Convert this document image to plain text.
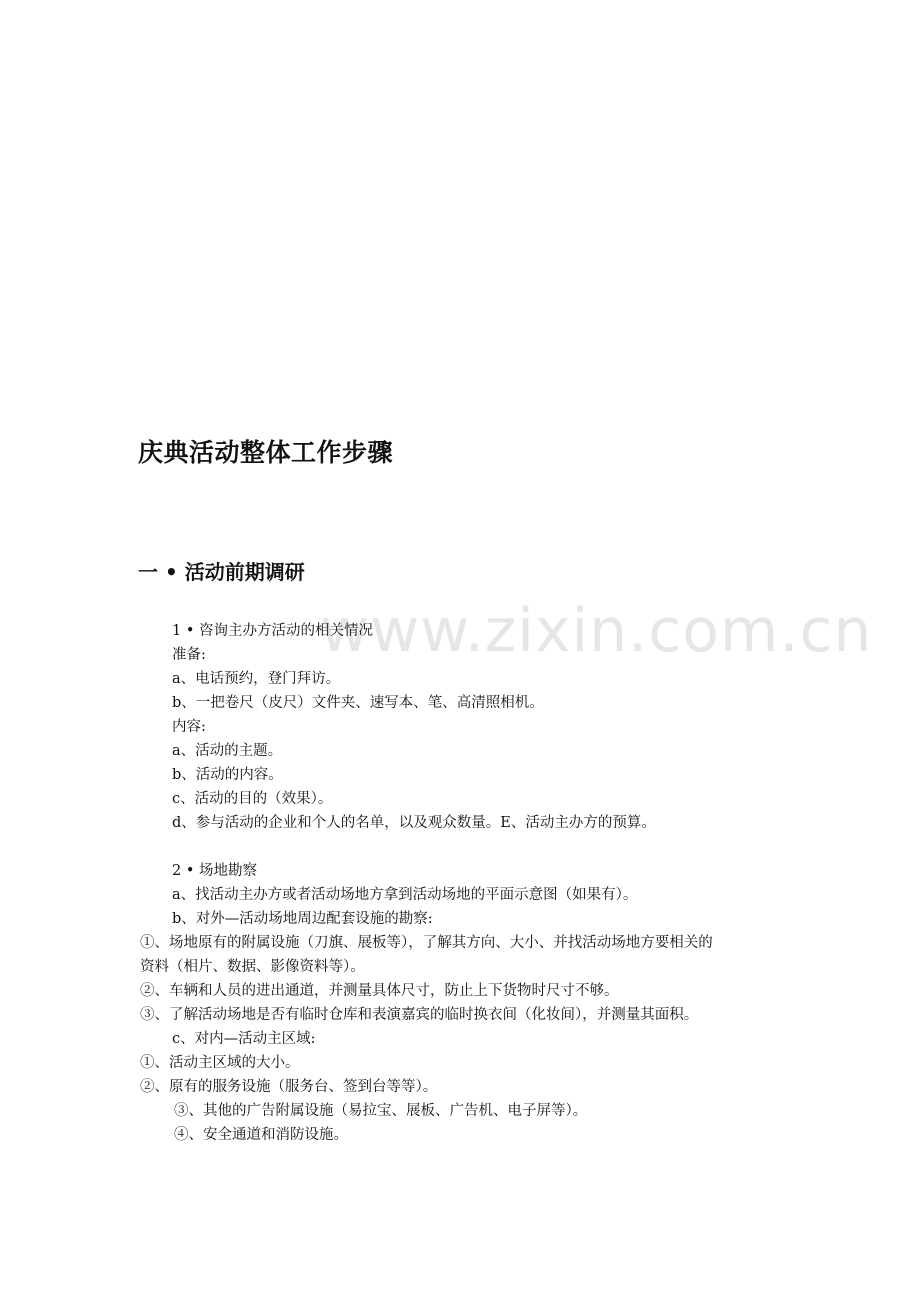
www.zixin.com.cn
庆典活动整体工作步骤
一 • 活动前期调研
1 • 咨询主办方活动的相关情况
准备:
a、电话预约，登门拜访。
b、一把卷尺（皮尺）文件夹、速写本、笔、高清照相机。
内容:
a、活动的主题。
b、活动的内容。
c、活动的目的（效果）。
d、参与活动的企业和个人的名单，以及观众数量。E、活动主办方的预算。
2 • 场地勘察
a、找活动主办方或者活动场地方拿到活动场地的平面示意图（如果有）。
b、对外—活动场地周边配套设施的勘察:
①、场地原有的附属设施（刀旗、展板等），了解其方向、大小、并找活动场地方要相关的
资料（相片、数据、影像资料等）。
②、车辆和人员的进出通道，并测量具体尺寸，防止上下货物时尺寸不够。
③、了解活动场地是否有临时仓库和表演嘉宾的临时换衣间（化妆间），并测量其面积。
c、对内—活动主区域:
①、活动主区域的大小。
②、原有的服务设施（服务台、签到台等等）。
③、其他的广告附属设施（易拉宝、展板、广告机、电子屏等）。
④、安全通道和消防设施。
